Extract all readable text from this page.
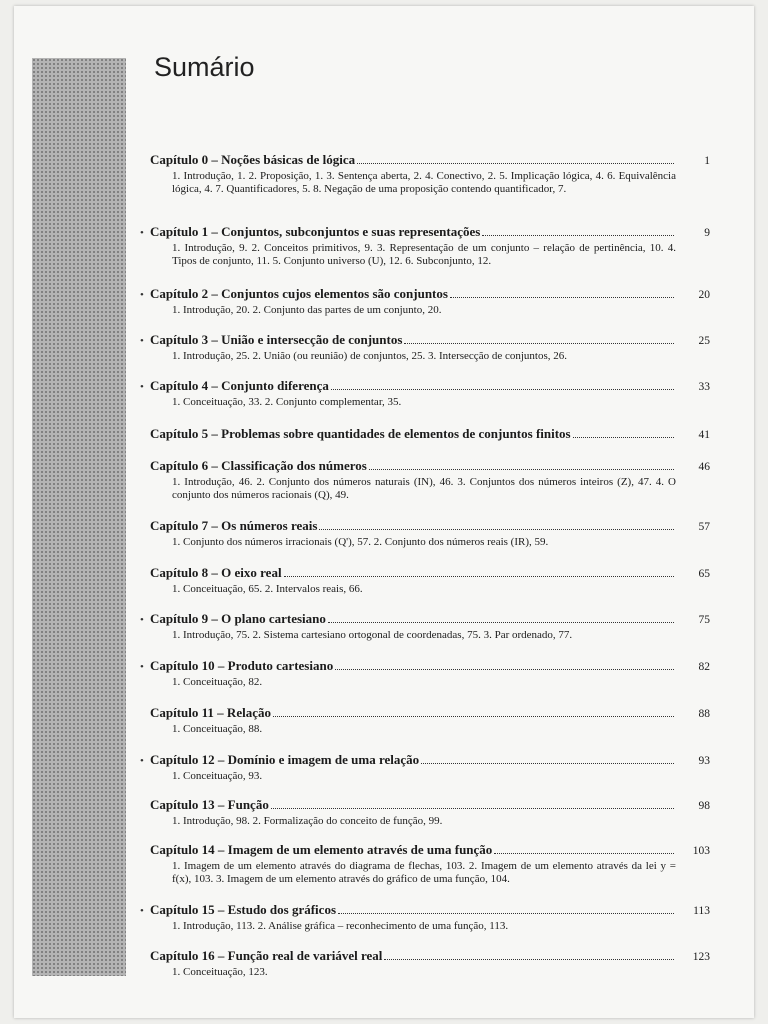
Sumário
Capítulo 0 – Noções básicas de lógica	1
1. Introdução, 1. 2. Proposição, 1. 3. Sentença aberta, 2. 4. Conectivo, 2. 5. Implicação lógica, 4. 6. Equivalência lógica, 4. 7. Quantificadores, 5. 8. Negação de uma proposição contendo quantificador, 7.
• Capítulo 1 – Conjuntos, subconjuntos e suas representações	9
1. Introdução, 9. 2. Conceitos primitivos, 9. 3. Representação de um conjunto – relação de pertinência, 10. 4. Tipos de conjunto, 11. 5. Conjunto universo (U), 12. 6. Subconjunto, 12.
• Capítulo 2 – Conjuntos cujos elementos são conjuntos	20
1. Introdução, 20. 2. Conjunto das partes de um conjunto, 20.
• Capítulo 3 – União e intersecção de conjuntos	25
1. Introdução, 25. 2. União (ou reunião) de conjuntos, 25. 3. Intersecção de conjuntos, 26.
• Capítulo 4 – Conjunto diferença	33
1. Conceituação, 33. 2. Conjunto complementar, 35.
Capítulo 5 – Problemas sobre quantidades de elementos de conjuntos finitos	41
Capítulo 6 – Classificação dos números	46
1. Introdução, 46. 2. Conjunto dos números naturais (IN), 46. 3. Conjuntos dos números inteiros (Z), 47. 4. O conjunto dos números racionais (Q), 49.
Capítulo 7 – Os números reais	57
1. Conjunto dos números irracionais (Q'), 57. 2. Conjunto dos números reais (IR), 59.
Capítulo 8 – O eixo real	65
1. Conceituação, 65. 2. Intervalos reais, 66.
• Capítulo 9 – O plano cartesiano	75
1. Introdução, 75. 2. Sistema cartesiano ortogonal de coordenadas, 75. 3. Par ordenado, 77.
• Capítulo 10 – Produto cartesiano	82
1. Conceituação, 82.
Capítulo 11 – Relação	88
1. Conceituação, 88.
• Capítulo 12 – Domínio e imagem de uma relação	93
1. Conceituação, 93.
Capítulo 13 – Função	98
1. Introdução, 98. 2. Formalização do conceito de função, 99.
Capítulo 14 – Imagem de um elemento através de uma função	103
1. Imagem de um elemento através do diagrama de flechas, 103. 2. Imagem de um elemento através da lei y = f(x), 103. 3. Imagem de um elemento através do gráfico de uma função, 104.
• Capítulo 15 – Estudo dos gráficos	113
1. Introdução, 113. 2. Análise gráfica – reconhecimento de uma função, 113.
Capítulo 16 – Função real de variável real	123
1. Conceituação, 123.
